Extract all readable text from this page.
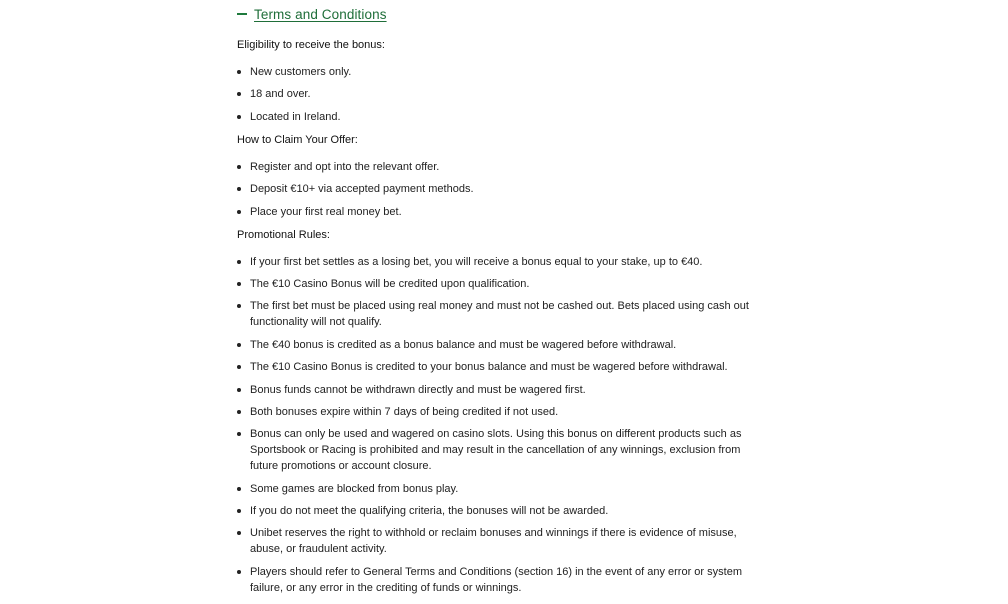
Terms and Conditions

Eligibility to receive the bonus:

New customers only.
18 and over.
Located in Ireland.

How to Claim Your Offer:

Register and opt into the relevant offer.
Deposit €10+ via accepted payment methods.
Place your first real money bet.

Promotional Rules:

If your first bet settles as a losing bet, you will receive a bonus equal to your stake, up to €40.
The €10 Casino Bonus will be credited upon qualification.
The first bet must be placed using real money and must not be cashed out. Bets placed using cash out functionality will not qualify.
The €40 bonus is credited as a bonus balance and must be wagered before withdrawal.
The €10 Casino Bonus is credited to your bonus balance and must be wagered before withdrawal.
Bonus funds cannot be withdrawn directly and must be wagered first.
Both bonuses expire within 7 days of being credited if not used.
Bonus can only be used and wagered on casino slots. Using this bonus on different products such as Sportsbook or Racing is prohibited and may result in the cancellation of any winnings, exclusion from future promotions or account closure.
Some games are blocked from bonus play.
If you do not meet the qualifying criteria, the bonuses will not be awarded.
Unibet reserves the right to withhold or reclaim bonuses and winnings if there is evidence of misuse, abuse, or fraudulent activity.
Players should refer to General Terms and Conditions (section 16) in the event of any error or system failure, or any error in the crediting of funds or winnings.
